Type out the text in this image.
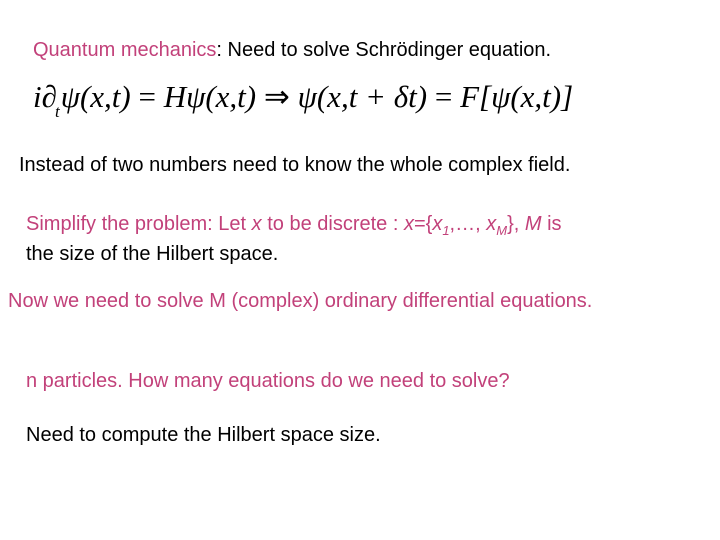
Quantum mechanics: Need to solve Schrödinger equation.
$i\partial_t\psi(x,t) = H\psi(x,t)$ ⇒ ψ(x,t + δt) = F[ψ(x,t)]
Instead of two numbers need to know the whole complex field.
Simplify the problem: Let x to be discrete : $x=\{x_1,\dots$, $x_M$}, M is
the size of the Hilbert space.
Now we need to solve M (complex) ordinary differential equations.
n particles. How many equations do we need to solve?
Need to compute the Hilbert space size.
